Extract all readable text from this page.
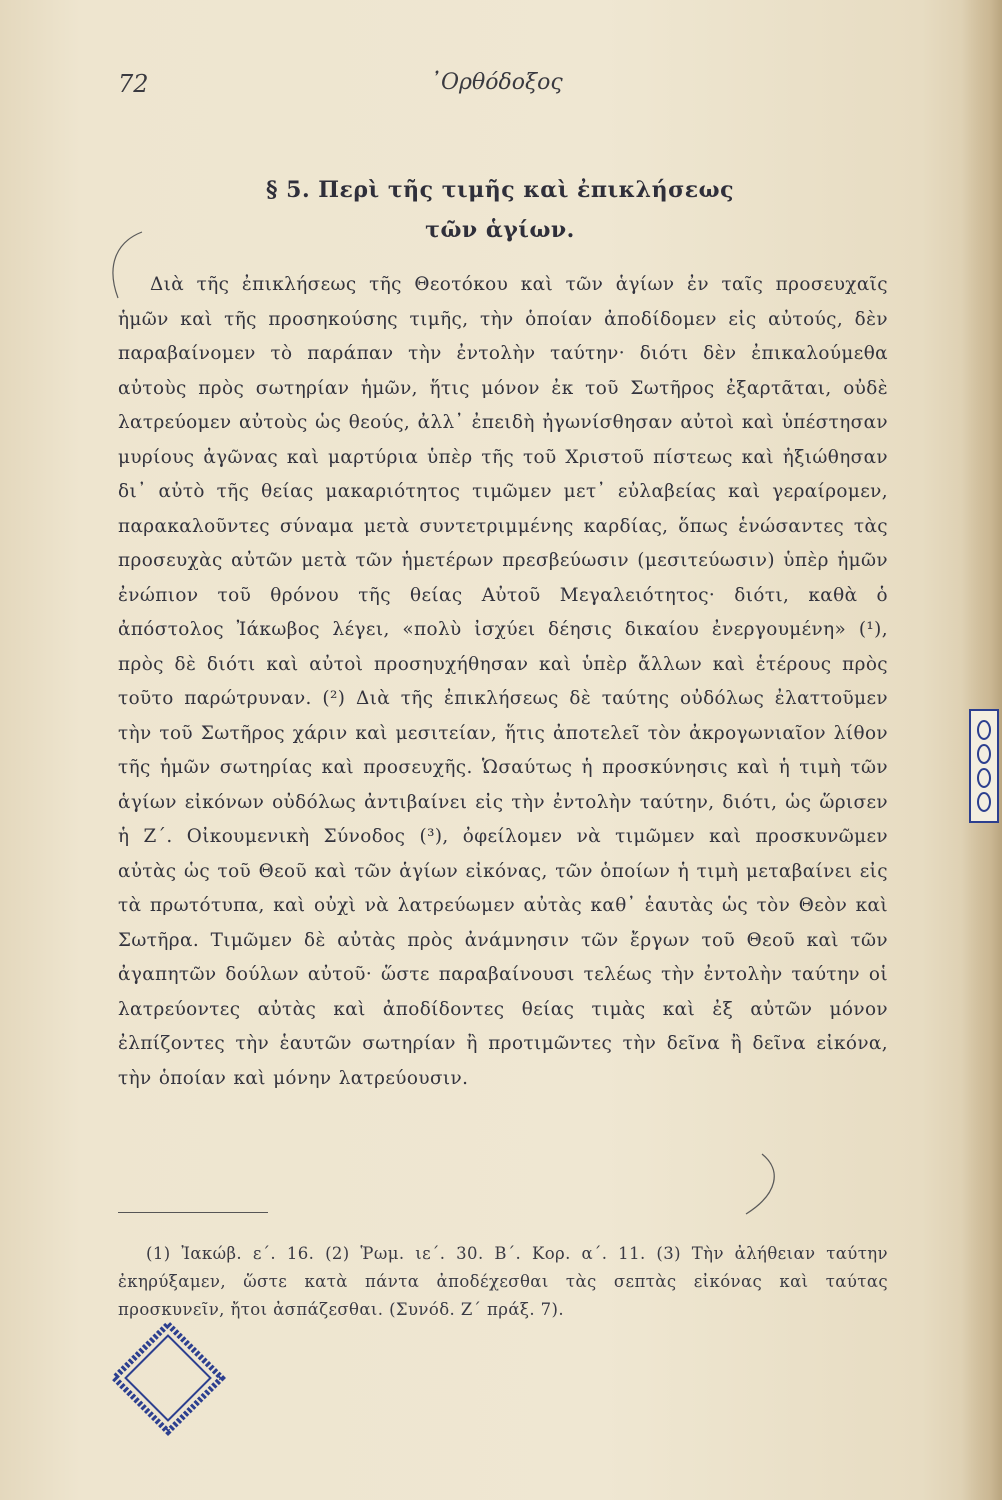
72	᾿Ορθόδοξος
§ 5. Περὶ τῆς τιμῆς καὶ ἐπικλήσεως
τῶν ἁγίων.

Διὰ τῆς ἐπικλήσεως τῆς Θεοτόκου καὶ τῶν ἁγίων ἐν ταῖς προσευχαῖς ἡμῶν καὶ τῆς προσηκούσης τιμῆς, τὴν ὁποίαν ἀποδίδομεν εἰς αὐτούς, δὲν παραβαίνομεν τὸ παράπαν τὴν ἐντολὴν ταύτην· διότι δὲν ἐπικαλούμεθα αὐτοὺς πρὸς σωτηρίαν ἡμῶν, ἥτις μόνον ἐκ τοῦ Σωτῆρος ἐξαρτᾶται, οὐδὲ λατρεύομεν αὐτοὺς ὡς θεούς, ἀλλ᾿ ἐπειδὴ ἠγωνίσθησαν αὐτοὶ καὶ ὑπέστησαν μυρίους ἀγῶνας καὶ μαρτύρια ὑπὲρ τῆς τοῦ Χριστοῦ πίστεως καὶ ἠξιώθησαν δι᾿ αὐτὸ τῆς θείας μακαριότητος τιμῶμεν μετ᾿ εὐλαβείας καὶ γεραίρομεν, παρακαλοῦντες σύναμα μετὰ συντετριμμένης καρδίας, ὅπως ἑνώσαντες τὰς προσευχὰς αὐτῶν μετὰ τῶν ἡμετέρων πρεσβεύωσιν (μεσιτεύωσιν) ὑπὲρ ἡμῶν ἐνώπιον τοῦ θρόνου τῆς θείας Αὐτοῦ Μεγαλειότητος· διότι, καθὰ ὁ ἀπόστολος Ἰάκωβος λέγει, «πολὺ ἰσχύει δέησις δικαίου ἐνεργουμένη» (¹), πρὸς δὲ διότι καὶ αὐτοὶ προσηυχήθησαν καὶ ὑπὲρ ἄλλων καὶ ἑτέρους πρὸς τοῦτο παρώτρυναν. (²) Διὰ τῆς ἐπικλήσεως δὲ ταύτης οὐδόλως ἐλαττοῦμεν τὴν τοῦ Σωτῆρος χάριν καὶ μεσιτείαν, ἥτις ἀποτελεῖ τὸν ἀκρογωνιαῖον λίθον τῆς ἡμῶν σωτηρίας καὶ προσευχῆς. Ὡσαύτως ἡ προσκύνησις καὶ ἡ τιμὴ τῶν ἁγίων εἰκόνων οὐδόλως ἀντιβαίνει εἰς τὴν ἐντολὴν ταύτην, διότι, ὡς ὥρισεν ἡ Ζ΄. Οἰκουμενικὴ Σύνοδος (³), ὀφείλομεν νὰ τιμῶμεν καὶ προσκυνῶμεν αὐτὰς ὡς τοῦ Θεοῦ καὶ τῶν ἁγίων εἰκόνας, τῶν ὁποίων ἡ τιμὴ μεταβαίνει εἰς τὰ πρωτότυπα, καὶ οὐχὶ νὰ λατρεύωμεν αὐτὰς καθ᾿ ἑαυτὰς ὡς τὸν Θεὸν καὶ Σωτῆρα. Τιμῶμεν δὲ αὐτὰς πρὸς ἀνάμνησιν τῶν ἔργων τοῦ Θεοῦ καὶ τῶν ἀγαπητῶν δούλων αὐτοῦ· ὥστε παραβαίνουσι τελέως τὴν ἐντολὴν ταύτην οἱ λατρεύοντες αὐτὰς καὶ ἀποδίδοντες θείας τιμὰς καὶ ἐξ αὐτῶν μόνον ἐλπίζοντες τὴν ἑαυτῶν σωτηρίαν ἢ προτιμῶντες τὴν δεῖνα ἢ δεῖνα εἰκόνα, τὴν ὁποίαν καὶ μόνην λατρεύουσιν.

(1) Ἰακώβ. ε΄. 16. (2) Ῥωμ. ιε΄. 30. Β΄. Κορ. α΄. 11. (3) Τὴν ἀλήθειαν ταύτην ἐκηρύξαμεν, ὥστε κατὰ πάντα ἀποδέχεσθαι τὰς σεπτὰς εἰκόνας καὶ ταύτας προσκυνεῖν, ἤτοι ἀσπάζεσθαι. (Συνόδ. Ζ΄ πράξ. 7).
